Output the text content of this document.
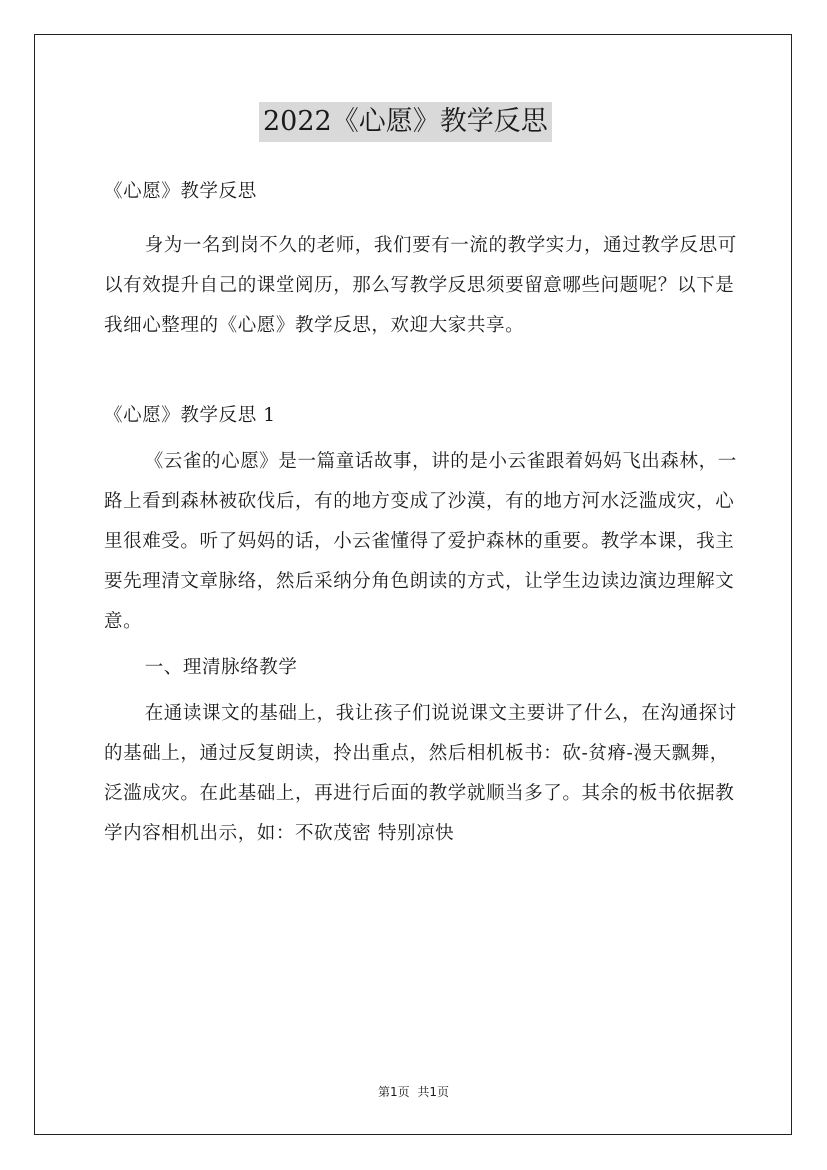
2022《心愿》教学反思

《心愿》教学反思

身为一名到岗不久的老师，我们要有一流的教学实力，通过教学反思可以有效提升自己的课堂阅历，那么写教学反思须要留意哪些问题呢？以下是我细心整理的《心愿》教学反思，欢迎大家共享。

《心愿》教学反思 1

《云雀的心愿》是一篇童话故事，讲的是小云雀跟着妈妈飞出森林，一路上看到森林被砍伐后，有的地方变成了沙漠，有的地方河水泛滥成灾，心里很难受。听了妈妈的话，小云雀懂得了爱护森林的重要。教学本课，我主要先理清文章脉络，然后采纳分角色朗读的方式，让学生边读边演边理解文意。

一、理清脉络教学

在通读课文的基础上，我让孩子们说说课文主要讲了什么，在沟通探讨的基础上，通过反复朗读，拎出重点，然后相机板书：砍-贫瘠-漫天飘舞，泛滥成灾。在此基础上，再进行后面的教学就顺当多了。其余的板书依据教学内容相机出示，如：不砍茂密 特别凉快

第1页 共1页
